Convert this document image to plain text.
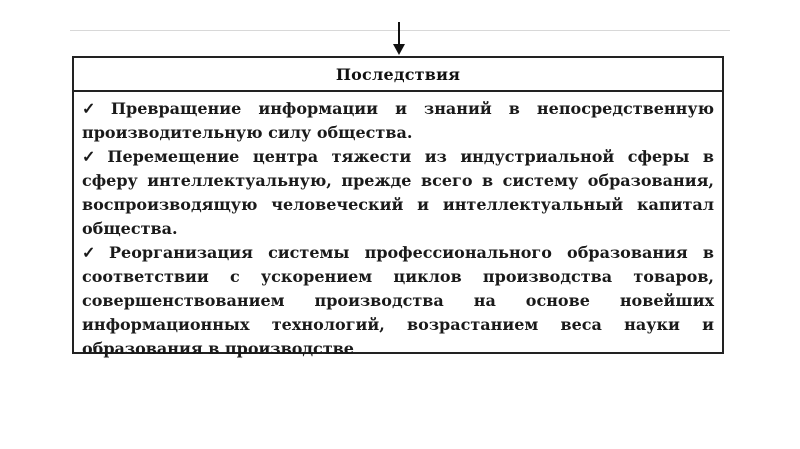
Последствия

✓ Превращение информации и знаний в непосредственную производительную силу общества.

✓ Перемещение центра тяжести из индустриальной сферы в сферу интеллектуальную, прежде всего в систему образования, воспроизводящую человеческий и интеллектуальный капитал общества.

✓ Реорганизация системы профессионального образования в соответствии с ускорением циклов производства товаров, совершенствованием производства на основе новейших информационных технологий, возрастанием веса науки и образования в производстве
